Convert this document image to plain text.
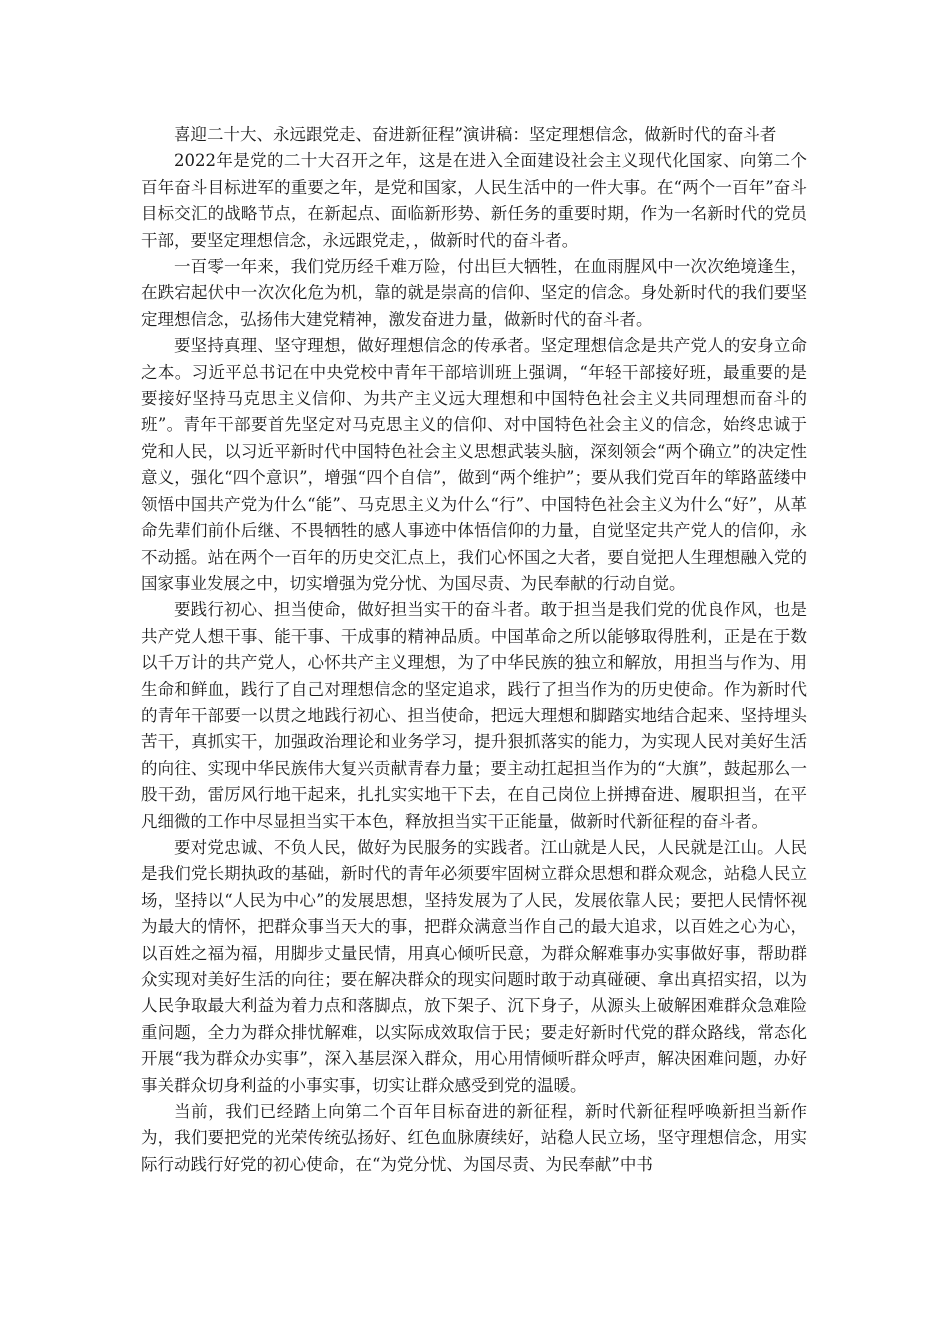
喜迎二十大、永远跟党走、奋进新征程”演讲稿：坚定理想信念，做新时代的奋斗者

2022年是党的二十大召开之年，这是在进入全面建设社会主义现代化国家、向第二个百年奋斗目标进军的重要之年，是党和国家，人民生活中的一件大事。在“两个一百年”奋斗目标交汇的战略节点，在新起点、面临新形势、新任务的重要时期，作为一名新时代的党员干部，要坚定理想信念，永远跟党走，，做新时代的奋斗者。

一百零一年来，我们党历经千难万险，付出巨大牺牲，在血雨腥风中一次次绝境逢生，在跌宕起伏中一次次化危为机，靠的就是崇高的信仰、坚定的信念。身处新时代的我们要坚定理想信念，弘扬伟大建党精神，激发奋进力量，做新时代的奋斗者。

要坚持真理、坚守理想，做好理想信念的传承者。坚定理想信念是共产党人的安身立命之本。习近平总书记在中央党校中青年干部培训班上强调，“年轻干部接好班，最重要的是要接好坚持马克思主义信仰、为共产主义远大理想和中国特色社会主义共同理想而奋斗的班”。青年干部要首先坚定对马克思主义的信仰、对中国特色社会主义的信念，始终忠诚于党和人民，以习近平新时代中国特色社会主义思想武装头脑，深刻领会“两个确立”的决定性意义，强化“四个意识”，增强“四个自信”，做到“两个维护”；要从我们党百年的筚路蓝缕中领悟中国共产党为什么“能”、马克思主义为什么“行”、中国特色社会主义为什么“好”，从革命先辈们前仆后继、不畏牺牲的感人事迹中体悟信仰的力量，自觉坚定共产党人的信仰，永不动摇。站在两个一百年的历史交汇点上，我们心怀国之大者，要自觉把人生理想融入党的国家事业发展之中，切实增强为党分忧、为国尽责、为民奉献的行动自觉。

要践行初心、担当使命，做好担当实干的奋斗者。敢于担当是我们党的优良作风，也是共产党人想干事、能干事、干成事的精神品质。中国革命之所以能够取得胜利，正是在于数以千万计的共产党人，心怀共产主义理想，为了中华民族的独立和解放，用担当与作为、用生命和鲜血，践行了自己对理想信念的坚定追求，践行了担当作为的历史使命。作为新时代的青年干部要一以贯之地践行初心、担当使命，把远大理想和脚踏实地结合起来、坚持埋头苦干，真抓实干，加强政治理论和业务学习，提升狠抓落实的能力，为实现人民对美好生活的向往、实现中华民族伟大复兴贡献青春力量；要主动扛起担当作为的“大旗”，鼓起那么一股干劲，雷厉风行地干起来，扎扎实实地干下去，在自己岗位上拼搏奋进、履职担当，在平凡细微的工作中尽显担当实干本色，释放担当实干正能量，做新时代新征程的奋斗者。

要对党忠诚、不负人民，做好为民服务的实践者。江山就是人民，人民就是江山。人民是我们党长期执政的基础，新时代的青年必须要牢固树立群众思想和群众观念，站稳人民立场，坚持以“人民为中心”的发展思想，坚持发展为了人民，发展依靠人民；要把人民情怀视为最大的情怀，把群众事当天大的事，把群众满意当作自己的最大追求，以百姓之心为心，以百姓之福为福，用脚步丈量民情，用真心倾听民意，为群众解难事办实事做好事，帮助群众实现对美好生活的向往；要在解决群众的现实问题时敢于动真碰硬、拿出真招实招，以为人民争取最大利益为着力点和落脚点，放下架子、沉下身子，从源头上破解困难群众急难险重问题，全力为群众排忧解难，以实际成效取信于民；要走好新时代党的群众路线，常态化开展“我为群众办实事”，深入基层深入群众，用心用情倾听群众呼声，解决困难问题，办好事关群众切身利益的小事实事，切实让群众感受到党的温暖。

当前，我们已经踏上向第二个百年目标奋进的新征程，新时代新征程呼唤新担当新作为，我们要把党的光荣传统弘扬好、红色血脉赓续好，站稳人民立场，坚守理想信念，用实际行动践行好党的初心使命，在“为党分忧、为国尽责、为民奉献”中书
